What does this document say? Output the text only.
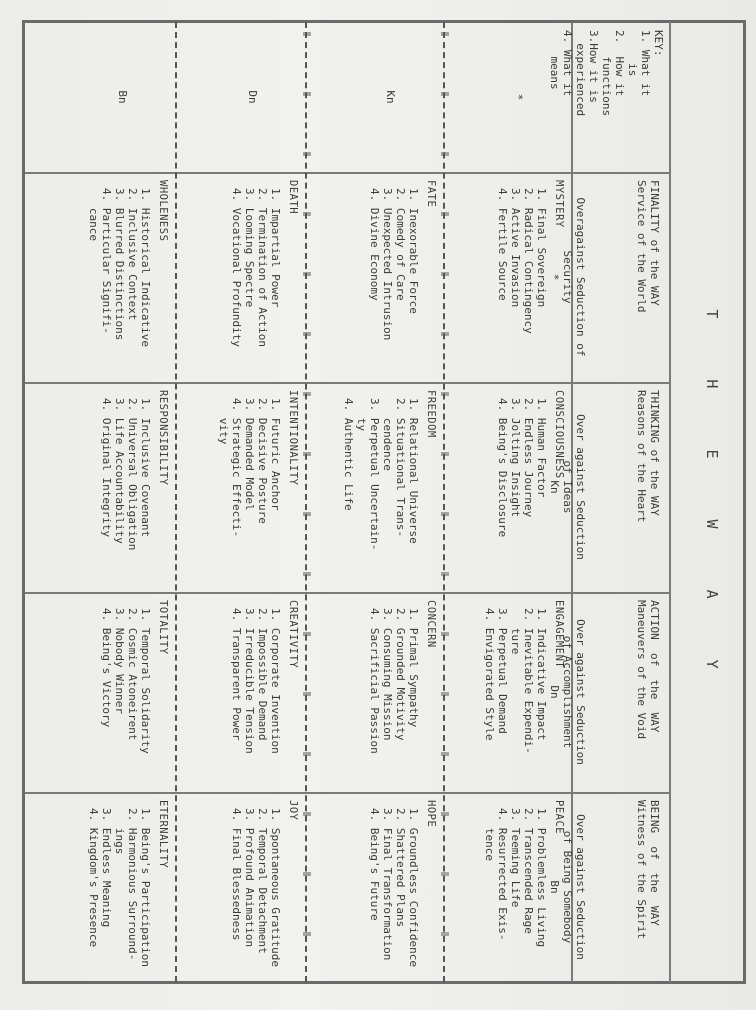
T H E W A Y
KEY:
1. What it
is
2.  How it
functions
3.How it is
experienced
4. What it
means
FINALITY of the WAY
Service of the World
Overagainst Seduction of
Security
*
THINKING of the WAY
Reasons of the Heart
Over against Seduction
of Ideas
Kn
ACTION  of  the  WAY
Maneuvers of the Void
Over against Seduction
of Accomplishment
Dn
BEING  of  the  WAY
Witness of the Spirit
Over against Seduction
of Being Somebody
Bn
*
MYSTERY
1. Final Sovereign
2. Radical Contingency
3. Active Invasion
4. Fertile Source
CONSCIOUSNESS
1. Human Factor
2. Endless Journey
3. Jolting Insight
4. Being's Disclosure
ENGAGEMENT
1. Indicative Impact
2. Inevitable Expendi-
ture
3. Perpetual Demand
4. Envigorated Style
PEACE
1. Problemless Living
2. Transcended Rage
3. Teeming Life
4. Resurrected Exis-
tence
Kn
FATE
1. Inexorable Force
2. Comedy of Care
3. Unexpected Intrusion
4. Divine Economy
FREEDOM
1. Relational Universe
2. Situational Trans-
cendence
3. Perpetual Uncertain-
ty
4. Authentic Life
CONCERN
1. Primal Sympathy
2. Grounded Motivity
3. Consuming Mission
4. Sacrificial Passion
HOPE
1. Groundless Confidence
2. Shattered Plans
3. Final Transformation
4. Being's Future
Dn
DEATH
1. Impartial Power
2. Termination of Action
3. Looming Spectre
4. Vocational Profundity
INTENTIONALITY
1. Futuric Anchor
2. Decisive Posture
3. Demanded Model
4. Strategic Effecti-
vity
CREATIVITY
1. Corporate Invention
2. Impossible Demand
3. Irreducible Tension
4. Transparent Power
JOY
1. Spontaneous Gratitude
2. Temporal Detachment
3. Profound Animation
4. Final Blessedness
Bn
WHOLENESS
1. Historical Indicative
2. Inclusive Context
3. Blurred Distinctions
4. Particular Signifi-
cance
RESPONSIBILITY
1. Inclusive Covenant
2. Universal Obligation
3. Life Accountability
4. Original Integrity
TOTALITY
1. Temporal Solidarity
2. Cosmic Atoneirent
3. Nobody Winner
4. Being's Victory
ETERNALITY
1. Being's Participation
2. Harmonious Surround-
ings
3. Endless Meaning
4. Kingdom's Presence
